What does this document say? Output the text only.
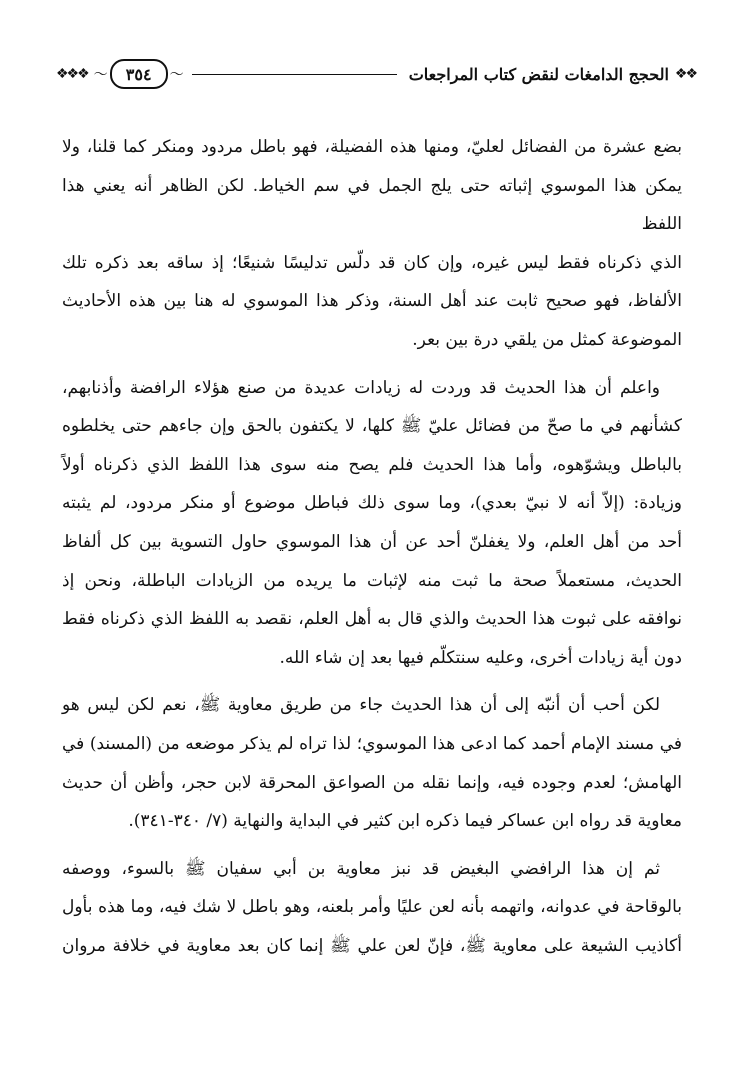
❖❖
الحجج الدامغات لنقض كتاب المراجعات
〜
٣٥٤
〜
❖❖❖

بضع عشرة من الفضائل لعليّ، ومنها هذه الفضيلة، فهو باطل مردود ومنكر كما قلنا، ولا
يمكن هذا الموسوي إثباته حتى يلج الجمل في سم الخياط. لكن الظاهر أنه يعني هذا اللفظ
الذي ذكرناه فقط ليس غيره، وإن كان قد دلّس تدليسًا شنيعًا؛ إذ ساقه بعد ذكره تلك
الألفاظ، فهو صحيح ثابت عند أهل السنة، وذكر هذا الموسوي له هنا بين هذه الأحاديث
الموضوعة كمثل من يلقي درة بين بعر.

واعلم أن هذا الحديث قد وردت له زيادات عديدة من صنع هؤلاء الرافضة وأذنابهم،
كشأنهم في ما صحّ من فضائل عليّ ﷺ كلها، لا يكتفون بالحق وإن جاءهم حتى يخلطوه
بالباطل ويشوّهوه، وأما هذا الحديث فلم يصح منه سوى هذا اللفظ الذي ذكرناه أولاً
وزيادة: (إلاّ أنه لا نبيّ بعدي)، وما سوى ذلك فباطل موضوع أو منكر مردود، لم يثبته
أحد من أهل العلم، ولا يغفلنّ أحد عن أن هذا الموسوي حاول التسوية بين كل ألفاظ
الحديث، مستعملاً صحة ما ثبت منه لإثبات ما يريده من الزيادات الباطلة، ونحن إذ
نوافقه على ثبوت هذا الحديث والذي قال به أهل العلم، نقصد به اللفظ الذي ذكرناه فقط
دون أية زيادات أخرى، وعليه سنتكلّم فيها بعد إن شاء الله.

لكن أحب أن أنبّه إلى أن هذا الحديث جاء من طريق معاوية ﷺ، نعم لكن ليس هو
في مسند الإمام أحمد كما ادعى هذا الموسوي؛ لذا تراه لم يذكر موضعه من (المسند) في
الهامش؛ لعدم وجوده فيه، وإنما نقله من الصواعق المحرقة لابن حجر، وأظن أن حديث
معاوية قد رواه ابن عساكر فيما ذكره ابن كثير في البداية والنهاية (٧/ ٣٤٠-٣٤١).

ثم إن هذا الرافضي البغيض قد نبز معاوية بن أبي سفيان ﷺ بالسوء، ووصفه
بالوقاحة في عدوانه، واتهمه بأنه لعن عليًا وأمر بلعنه، وهو باطل لا شك فيه، وما هذه بأول
أكاذيب الشيعة على معاوية ﷺ، فإنّ لعن علي ﷺ إنما كان بعد معاوية في خلافة مروان
